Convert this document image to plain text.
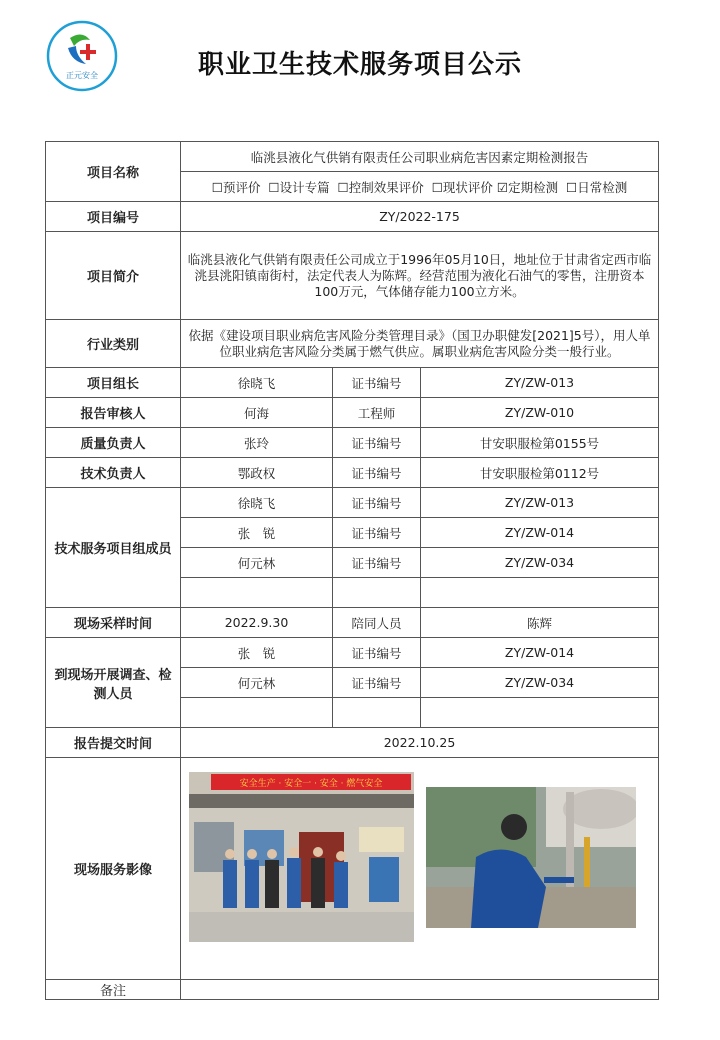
正元安全	职业卫生技术服务项目公示
项目名称	临洮县液化气供销有限责任公司职业病危害因素定期检测报告		
	☐预评价  ☐设计专篇  ☐控制效果评价  ☐现状评价 ☑定期检测  ☐日常检测		
项目编号	ZY/2022-175		
项目简介	临洮县液化气供销有限责任公司成立于1996年05月10日，地址位于甘肃省定西市临洮县洮阳镇南街村，法定代表人为陈辉。经营范围为液化石油气的零售，注册资本100万元，气体储存能力100立方米。		
行业类别	依据《建设项目职业病危害风险分类管理目录》（国卫办职健发[2021]5号），用人单位职业病危害风险分类属于燃气供应。属职业病危害风险分类一般行业。		
项目组长	徐晓飞	证书编号	ZY/ZW-013
报告审核人	何海	工程师	ZY/ZW-010
质量负责人	张玲	证书编号	甘安职服检第0155号
技术负责人	鄂政权	证书编号	甘安职服检第0112号
技术服务项目组成员	徐晓飞	证书编号	ZY/ZW-013
	张　锐	证书编号	ZY/ZW-014
	何元林	证书编号	ZY/ZW-034

现场采样时间	2022.9.30	陪同人员	陈辉
到现场开展调查、检测人员	张　锐	证书编号	ZY/ZW-014
	何元林	证书编号	ZY/ZW-034

报告提交时间	2022.10.25		
现场服务影像			
备注			
安全生产 · 安全一 · 安全 · 燃气安全
